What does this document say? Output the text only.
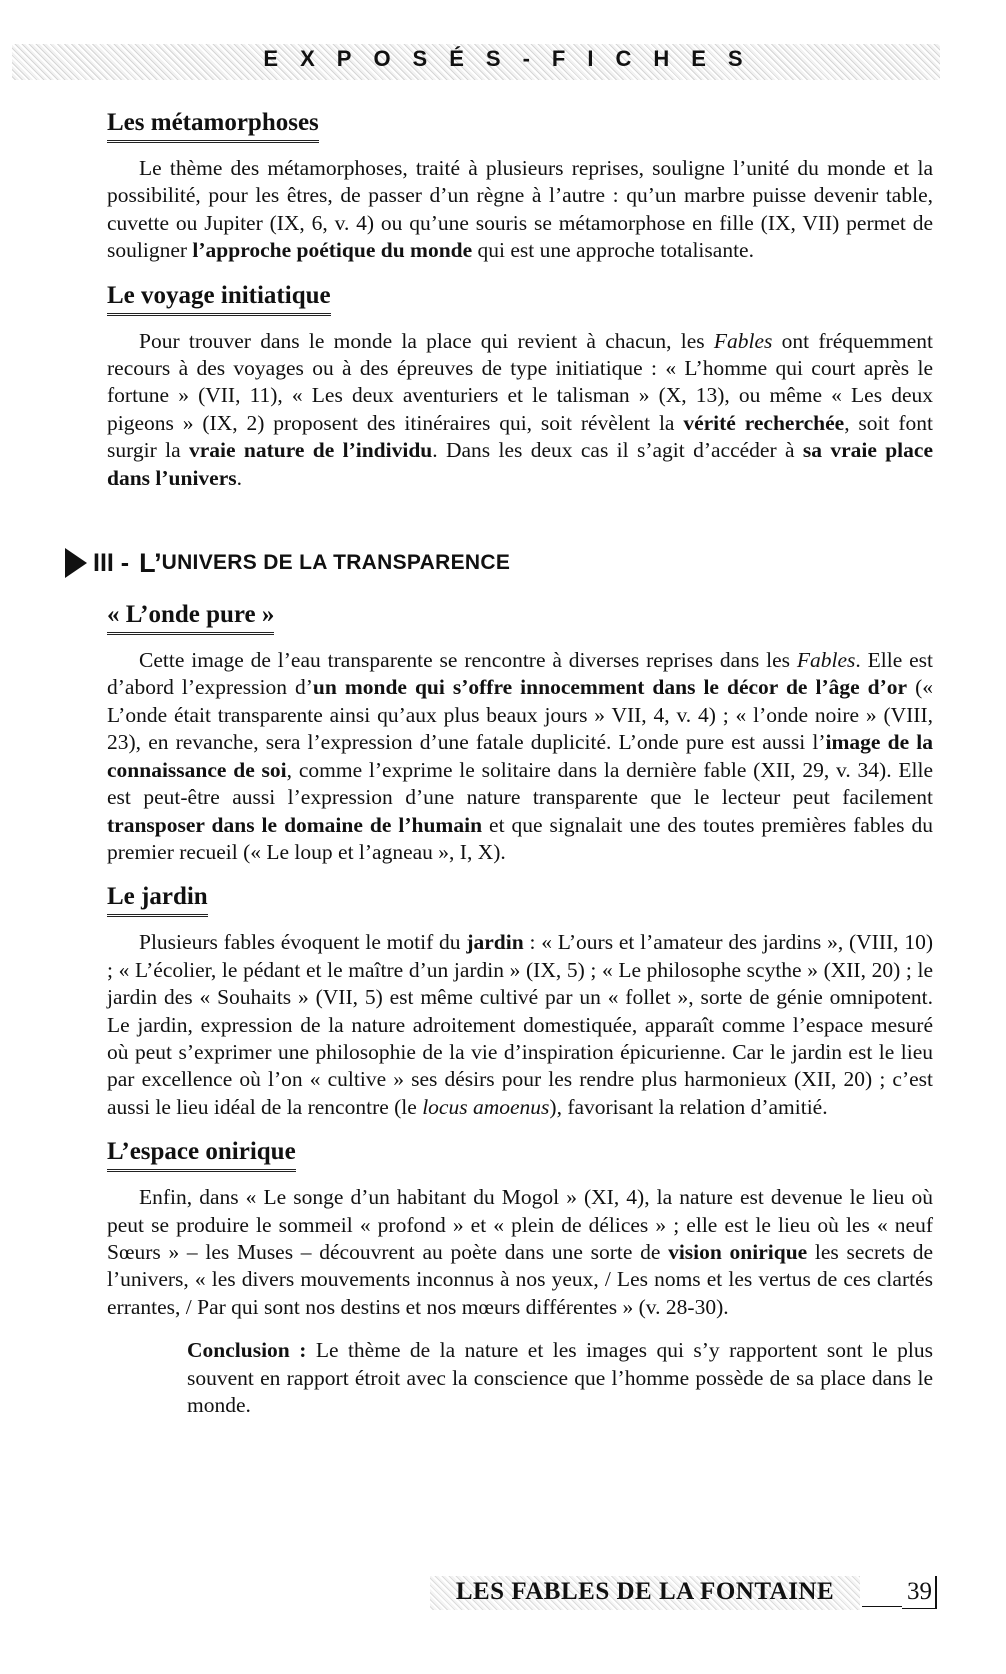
EXPOSÉS-FICHES
Les métamorphoses

Le thème des métamorphoses, traité à plusieurs reprises, souligne l’unité du monde et la possibilité, pour les êtres, de passer d’un règne à l’autre : qu’un marbre puisse devenir table, cuvette ou Jupiter (IX, 6, v. 4) ou qu’une souris se métamorphose en fille (IX, VII) permet de souligner l’approche poétique du monde qui est une approche totalisante.

Le voyage initiatique

Pour trouver dans le monde la place qui revient à chacun, les Fables ont fréquemment recours à des voyages ou à des épreuves de type initiatique : « L’homme qui court après le fortune » (VII, 11), « Les deux aventuriers et le talisman » (X, 13), ou même « Les deux pigeons » (IX, 2) proposent des itinéraires qui, soit révèlent la vérité recherchée, soit font surgir la vraie nature de l’individu. Dans les deux cas il s’agit d’accéder à sa vraie place dans l’univers.

III - L’ UNIVERS DE LA TRANSPARENCE
« L’onde pure »

Cette image de l’eau transparente se rencontre à diverses reprises dans les Fables. Elle est d’abord l’expression d’un monde qui s’offre innocemment dans le décor de l’âge d’or (« L’onde était transparente ainsi qu’aux plus beaux jours » VII, 4, v. 4) ; « l’onde noire » (VIII, 23), en revanche, sera l’expression d’une fatale duplicité. L’onde pure est aussi l’image de la connaissance de soi, comme l’exprime le solitaire dans la dernière fable (XII, 29, v. 34). Elle est peut-être aussi l’expression d’une nature transparente que le lecteur peut facilement transposer dans le domaine de l’humain et que signalait une des toutes premières fables du premier recueil (« Le loup et l’agneau », I, X).

Le jardin

Plusieurs fables évoquent le motif du jardin : « L’ours et l’amateur des jardins », (VIII, 10) ; « L’écolier, le pédant et le maître d’un jardin » (IX, 5) ; « Le philosophe scythe » (XII, 20) ; le jardin des « Souhaits » (VII, 5) est même cultivé par un « follet », sorte de génie omnipotent. Le jardin, expression de la nature adroitement domestiquée, apparaît comme l’espace mesuré où peut s’exprimer une philosophie de la vie d’inspiration épicurienne. Car le jardin est le lieu par excellence où l’on « cultive » ses désirs pour les rendre plus harmonieux (XII, 20) ; c’est aussi le lieu idéal de la rencontre (le locus amoenus), favorisant la relation d’amitié.

L’espace onirique

Enfin, dans « Le songe d’un habitant du Mogol » (XI, 4), la nature est devenue le lieu où peut se produire le sommeil « profond » et « plein de délices » ; elle est le lieu où les « neuf Sœurs » – les Muses – découvrent au poète dans une sorte de vision onirique les secrets de l’univers, « les divers mouvements inconnus à nos yeux, / Les noms et les vertus de ces clartés errantes, / Par qui sont nos destins et nos mœurs différentes » (v. 28-30).

Conclusion : Le thème de la nature et les images qui s’y rapportent sont le plus souvent en rapport étroit avec la conscience que l’homme possède de sa place dans le monde.

LES FABLES DE LA FONTAINE	39
